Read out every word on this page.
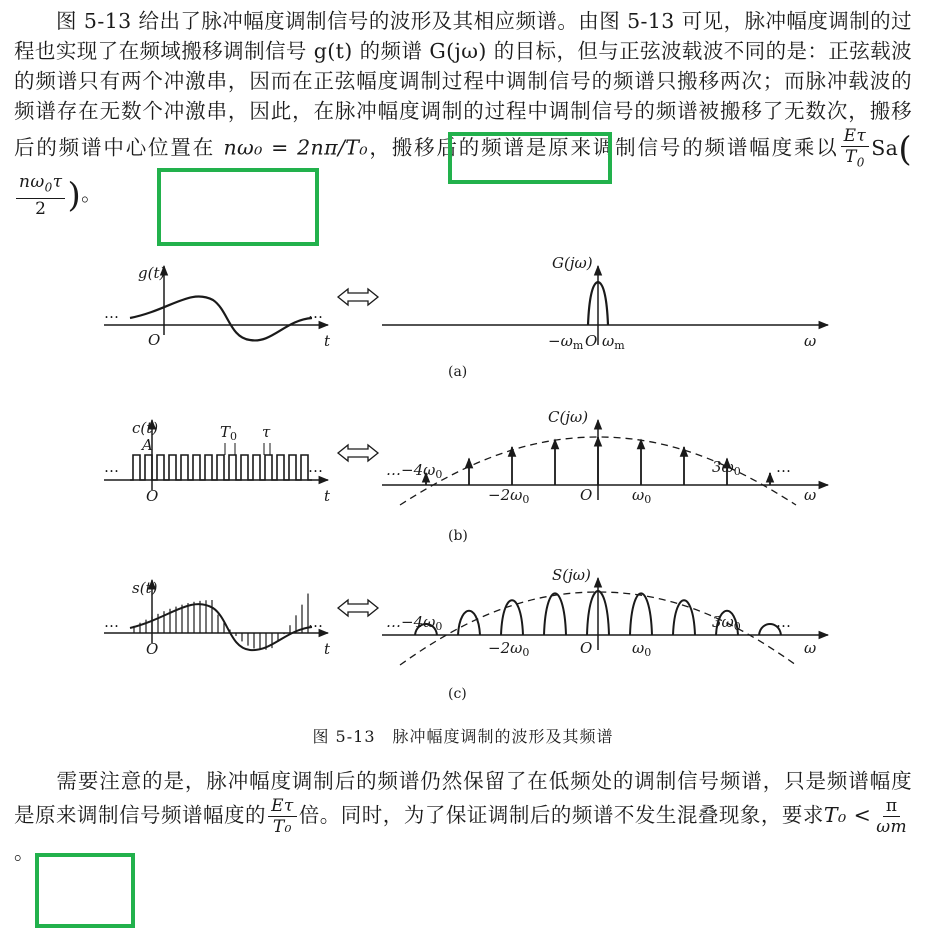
图 5-13 给出了脉冲幅度调制信号的波形及其相应频谱。由图 5-13 可见，脉冲幅度调制的过程也实现了在频域搬移调制信号 g(t) 的频谱 G(jω) 的目标，但与正弦波载波不同的是：正弦载波的频谱只有两个冲激串，因而在正弦幅度调制过程中调制信号的频谱只搬移两次；而脉冲载波的频谱存在无数个冲激串，因此，在脉冲幅度调制的过程中调制信号的频谱被搬移了无数次，搬移后的频谱中心位置在 nω₀ = 2nπ/T₀，搬移后的频谱是原来调制信号的频谱幅度乘以 $\frac{E\tau}{T_0} Sa$(
$\frac{n\omega_0\tau}{2}$ )。

g(t)
O	t
…	…
G(jω)
$-\omega_m$ O $\omega_m$	ω
(a)
c(t)
A
$T_0$ τ
O	t
…	…
C(jω)
$\dots-4\omega_0$
$-2\omega_0$	O	$\omega_0$
$3\omega_0$ …
ω
(b)
s(t)
O	t
…	…
S(jω)
$\dots-4\omega_0$
$-2\omega_0$	O	$\omega_0$
$3\omega_0$ …
ω
(c)
图 5-13　脉冲幅度调制的波形及其频谱

需要注意的是，脉冲幅度调制后的频谱仍然保留了在低频处的调制信号频谱，只是频谱幅度是原来调制信号频谱幅度的 $\frac{E\tau}{\text{T₀}}$ 倍。同时，为了保证调制后的频谱不发生混叠现象，要求$T_0 < \frac{\pi}{\omega m}$
。
